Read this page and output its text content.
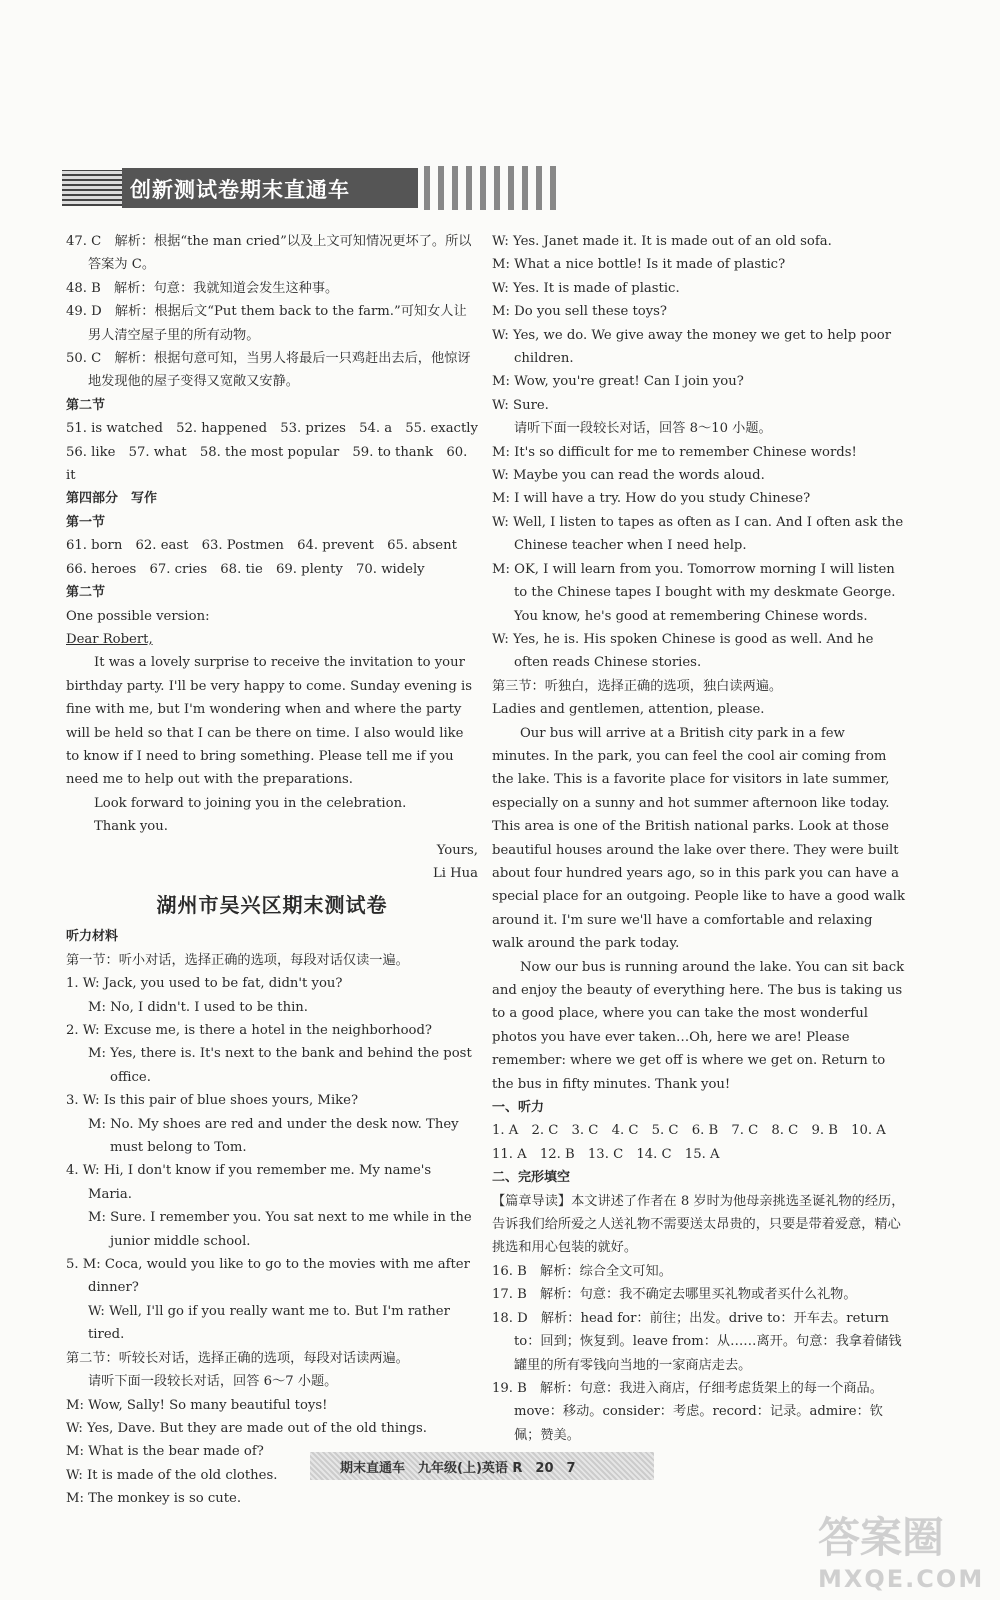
创新测试卷期末直通车

47. C　解析：根据“the man cried”以及上文可知情况更坏了。所以答案为 C。

48. B　解析：句意：我就知道会发生这种事。

49. D　解析：根据后文“Put them back to the farm.”可知女人让男人清空屋子里的所有动物。

50. C　解析：根据句意可知，当男人将最后一只鸡赶出去后，他惊讶地发现他的屋子变得又宽敞又安静。

第二节

51. is watched　52. happened　53. prizes　54. a　55. exactly

56. like　57. what　58. the most popular　59. to thank　60. it

第四部分　写作

第一节

61. born　62. east　63. Postmen　64. prevent　65. absent

66. heroes　67. cries　68. tie　69. plenty　70. widely

第二节

One possible version:

Dear Robert,

It was a lovely surprise to receive the invitation to your birthday party. I'll be very happy to come. Sunday evening is fine with me, but I'm wondering when and where the party will be held so that I can be there on time. I also would like to know if I need to bring something. Please tell me if you need me to help out with the preparations.

Look forward to joining you in the celebration.

Thank you.

Yours,

Li Hua

湖州市吴兴区期末测试卷

听力材料

第一节：听小对话，选择正确的选项，每段对话仅读一遍。

1. W: Jack, you used to be fat, didn't you?

M: No, I didn't. I used to be thin.

2. W: Excuse me, is there a hotel in the neighborhood?

M: Yes, there is. It's next to the bank and behind the post office.

3. W: Is this pair of blue shoes yours, Mike?

M: No. My shoes are red and under the desk now. They must belong to Tom.

4. W: Hi, I don't know if you remember me. My name's Maria.

M: Sure. I remember you. You sat next to me while in the junior middle school.

5. M: Coca, would you like to go to the movies with me after dinner?

W: Well, I'll go if you really want me to. But I'm rather tired.

第二节：听较长对话，选择正确的选项，每段对话读两遍。

请听下面一段较长对话，回答 6～7 小题。

M: Wow, Sally! So many beautiful toys!

W: Yes, Dave. But they are made out of the old things.

M: What is the bear made of?

W: It is made of the old clothes.

M: The monkey is so cute.

W: Yes. Janet made it. It is made out of an old sofa.

M: What a nice bottle! Is it made of plastic?

W: Yes. It is made of plastic.

M: Do you sell these toys?

W: Yes, we do. We give away the money we get to help poor children.

M: Wow, you're great! Can I join you?

W: Sure.

请听下面一段较长对话，回答 8～10 小题。

M: It's so difficult for me to remember Chinese words!

W: Maybe you can read the words aloud.

M: I will have a try. How do you study Chinese?

W: Well, I listen to tapes as often as I can. And I often ask the Chinese teacher when I need help.

M: OK, I will learn from you. Tomorrow morning I will listen to the Chinese tapes I bought with my deskmate George. You know, he's good at remembering Chinese words.

W: Yes, he is. His spoken Chinese is good as well. And he often reads Chinese stories.

第三节：听独白，选择正确的选项，独白读两遍。

Ladies and gentlemen, attention, please.

Our bus will arrive at a British city park in a few minutes. In the park, you can feel the cool air coming from the lake. This is a favorite place for visitors in late summer, especially on a sunny and hot summer afternoon like today. This area is one of the British national parks. Look at those beautiful houses around the lake over there. They were built about four hundred years ago, so in this park you can have a special place for an outgoing. People like to have a good walk around it. I'm sure we'll have a comfortable and relaxing walk around the park today.

Now our bus is running around the lake. You can sit back and enjoy the beauty of everything here. The bus is taking us to a good place, where you can take the most wonderful photos you have ever taken…Oh, here we are! Please remember: where we get off is where we get on. Return to the bus in fifty minutes. Thank you!

一、听力

1. A　2. C　3. C　4. C　5. C　6. B　7. C　8. C　9. B　10. A

11. A　12. B　13. C　14. C　15. A

二、完形填空

【篇章导读】本文讲述了作者在 8 岁时为他母亲挑选圣诞礼物的经历，告诉我们给所爱之人送礼物不需要送太昂贵的，只要是带着爱意，精心挑选和用心包装的就好。

16. B　解析：综合全文可知。

17. B　解析：句意：我不确定去哪里买礼物或者买什么礼物。

18. D　解析：head for：前往；出发。drive to：开车去。return to：回到；恢复到。leave from：从……离开。句意：我拿着储钱罐里的所有零钱向当地的一家商店走去。

19. B　解析：句意：我进入商店，仔细考虑货架上的每一个商品。move：移动。consider：考虑。record：记录。admire：钦佩；赞美。

期末直通车　九年级(上)英语 R　20　7
答案圈
MXQE.COM
